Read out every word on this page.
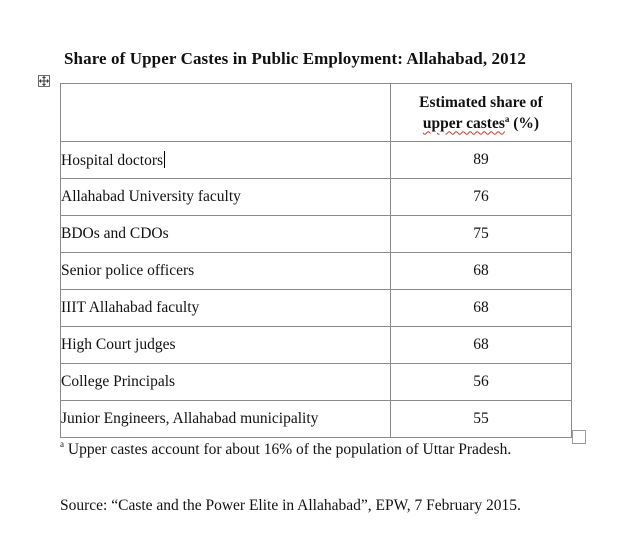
Share of Upper Castes in Public Employment: Allahabad, 2012
	Estimated share of
upper castes$^a$ (%)
Hospital doctors	89
Allahabad University faculty	76
BDOs and CDOs	75
Senior police officers	68
IIIT Allahabad faculty	68
High Court judges	68
College Principals	56
Junior Engineers, Allahabad municipality	55
$^a$ Upper castes account for about 16% of the population of Uttar Pradesh.
Source: “Caste and the Power Elite in Allahabad”, EPW, 7 February 2015.
